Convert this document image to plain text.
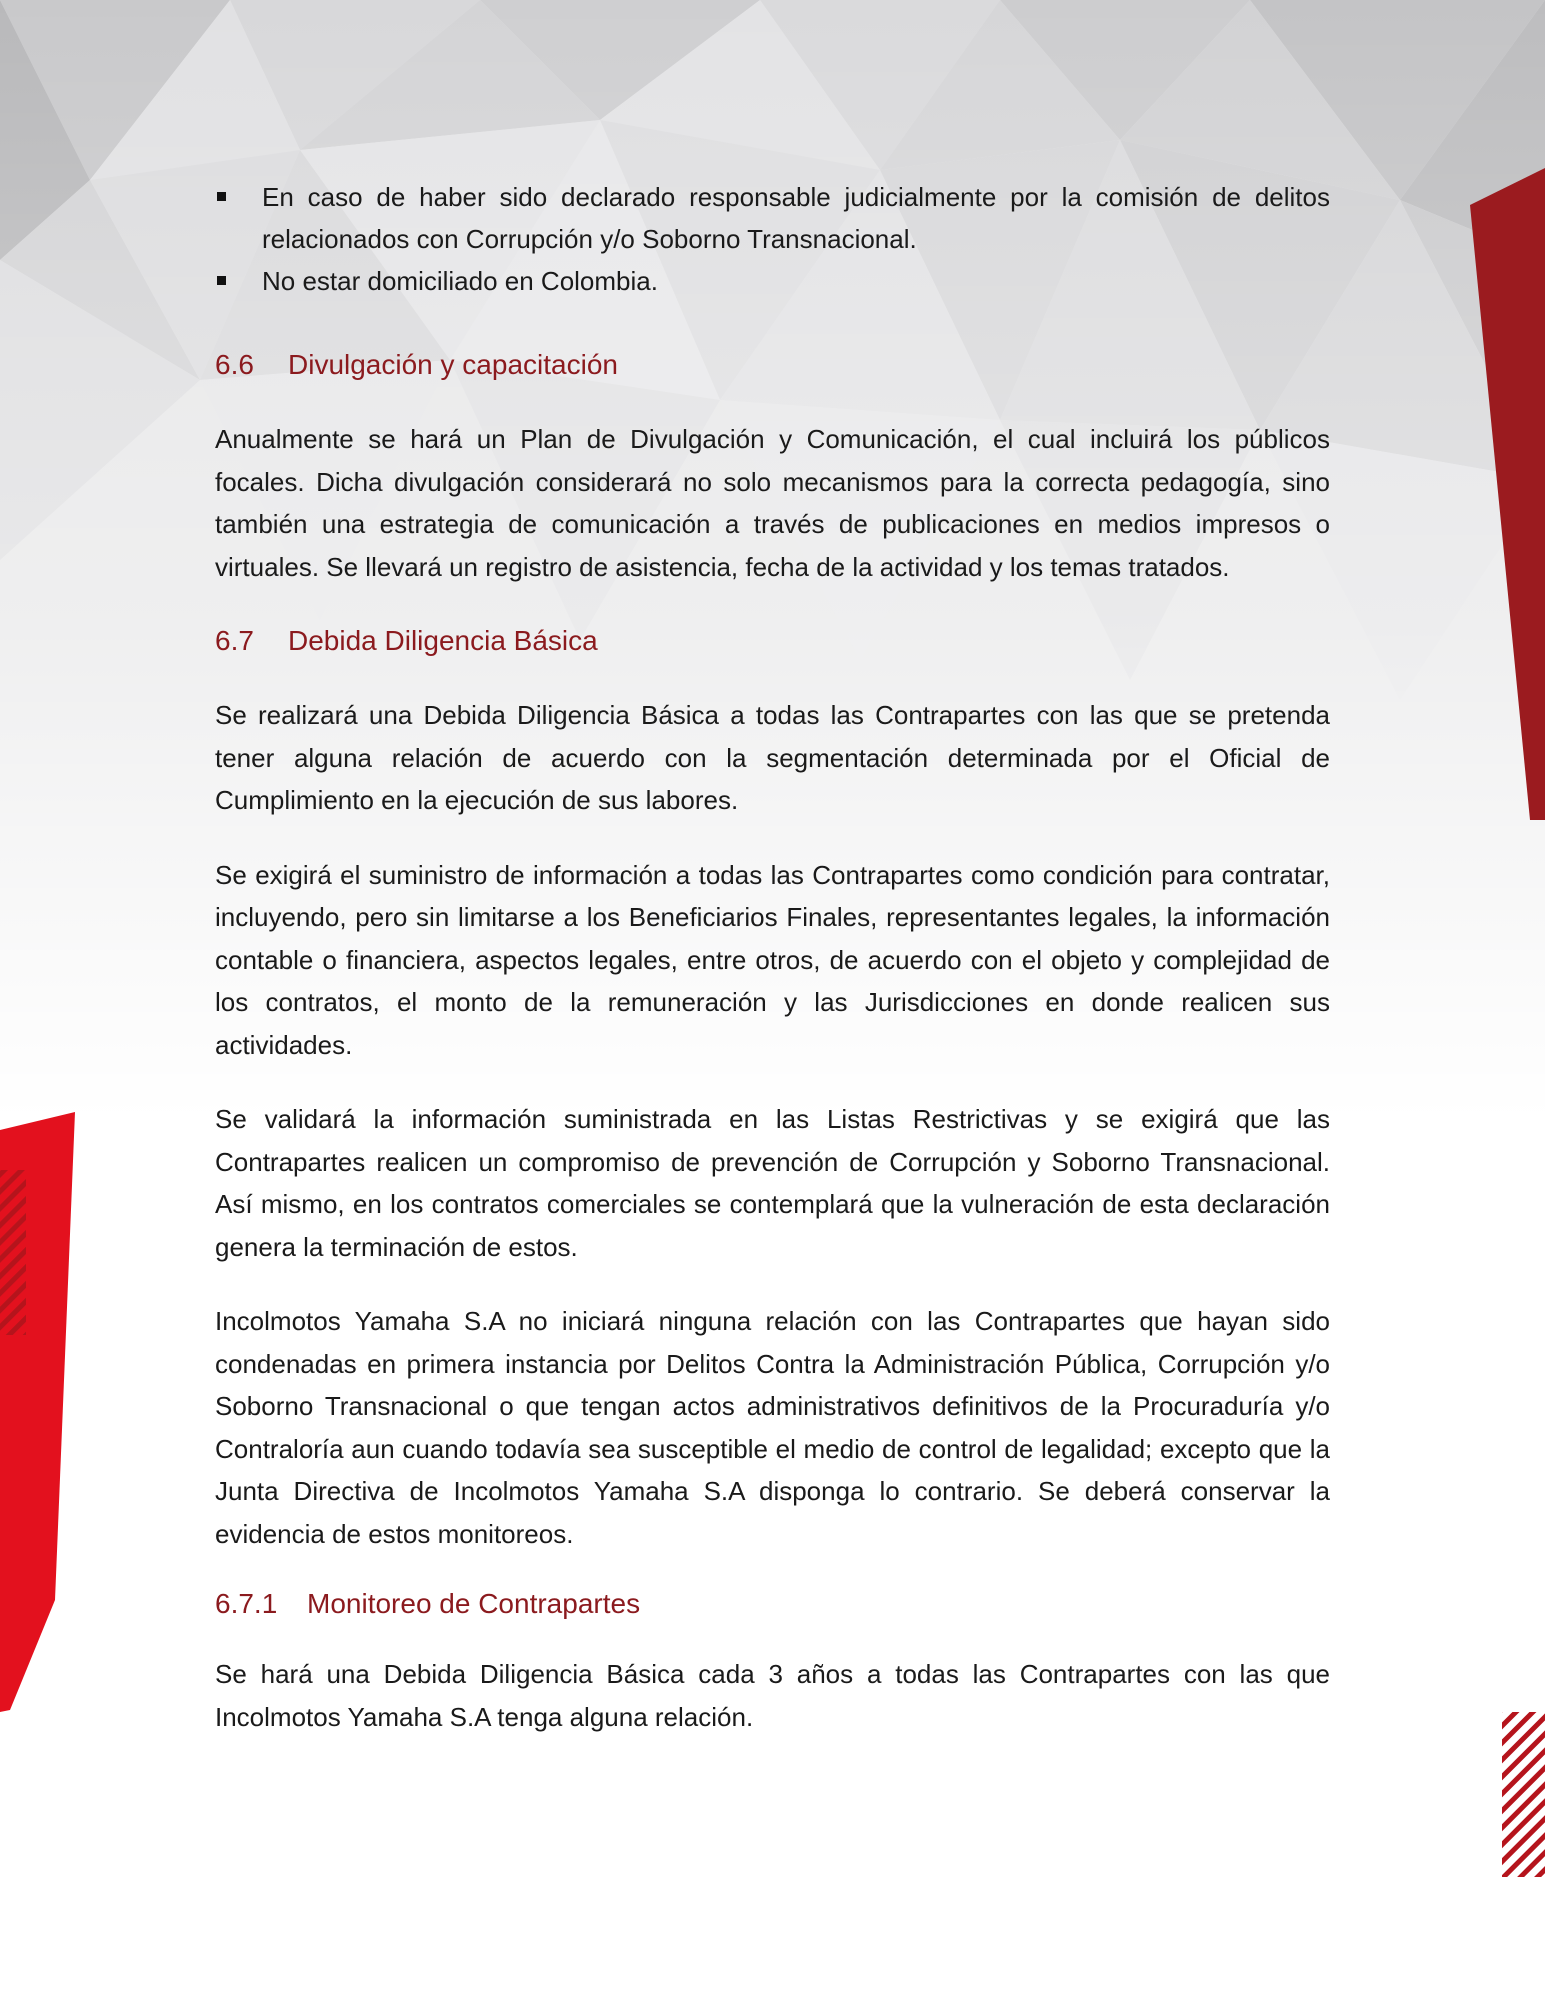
En caso de haber sido declarado responsable judicialmente por la comisión de delitos relacionados con Corrupción y/o Soborno Transnacional.
No estar domiciliado en Colombia.
6.6 Divulgación y capacitación

Anualmente se hará un Plan de Divulgación y Comunicación, el cual incluirá los públicos focales. Dicha divulgación considerará no solo mecanismos para la correcta pedagogía, sino también una estrategia de comunicación a través de publicaciones en medios impresos o virtuales. Se llevará un registro de asistencia, fecha de la actividad y los temas tratados.

6.7 Debida Diligencia Básica

Se realizará una Debida Diligencia Básica a todas las Contrapartes con las que se pretenda tener alguna relación de acuerdo con la segmentación determinada por el Oficial de Cumplimiento en la ejecución de sus labores.

Se exigirá el suministro de información a todas las Contrapartes como condición para contratar, incluyendo, pero sin limitarse a los Beneficiarios Finales, representantes legales, la información contable o financiera, aspectos legales, entre otros, de acuerdo con el objeto y complejidad de los contratos, el monto de la remuneración y las Jurisdicciones en donde realicen sus actividades.

Se validará la información suministrada en las Listas Restrictivas y se exigirá que las Contrapartes realicen un compromiso de prevención de Corrupción y Soborno Transnacional. Así mismo, en los contratos comerciales se contemplará que la vulneración de esta declaración genera la terminación de estos.

Incolmotos Yamaha S.A no iniciará ninguna relación con las Contrapartes que hayan sido condenadas en primera instancia por Delitos Contra la Administración Pública, Corrupción y/o Soborno Transnacional o que tengan actos administrativos definitivos de la Procuraduría y/o Contraloría aun cuando todavía sea susceptible el medio de control de legalidad; excepto que la Junta Directiva de Incolmotos Yamaha S.A disponga lo contrario. Se deberá conservar la evidencia de estos monitoreos.

6.7.1 Monitoreo de Contrapartes

Se hará una Debida Diligencia Básica cada 3 años a todas las Contrapartes con las que Incolmotos Yamaha S.A tenga alguna relación.
